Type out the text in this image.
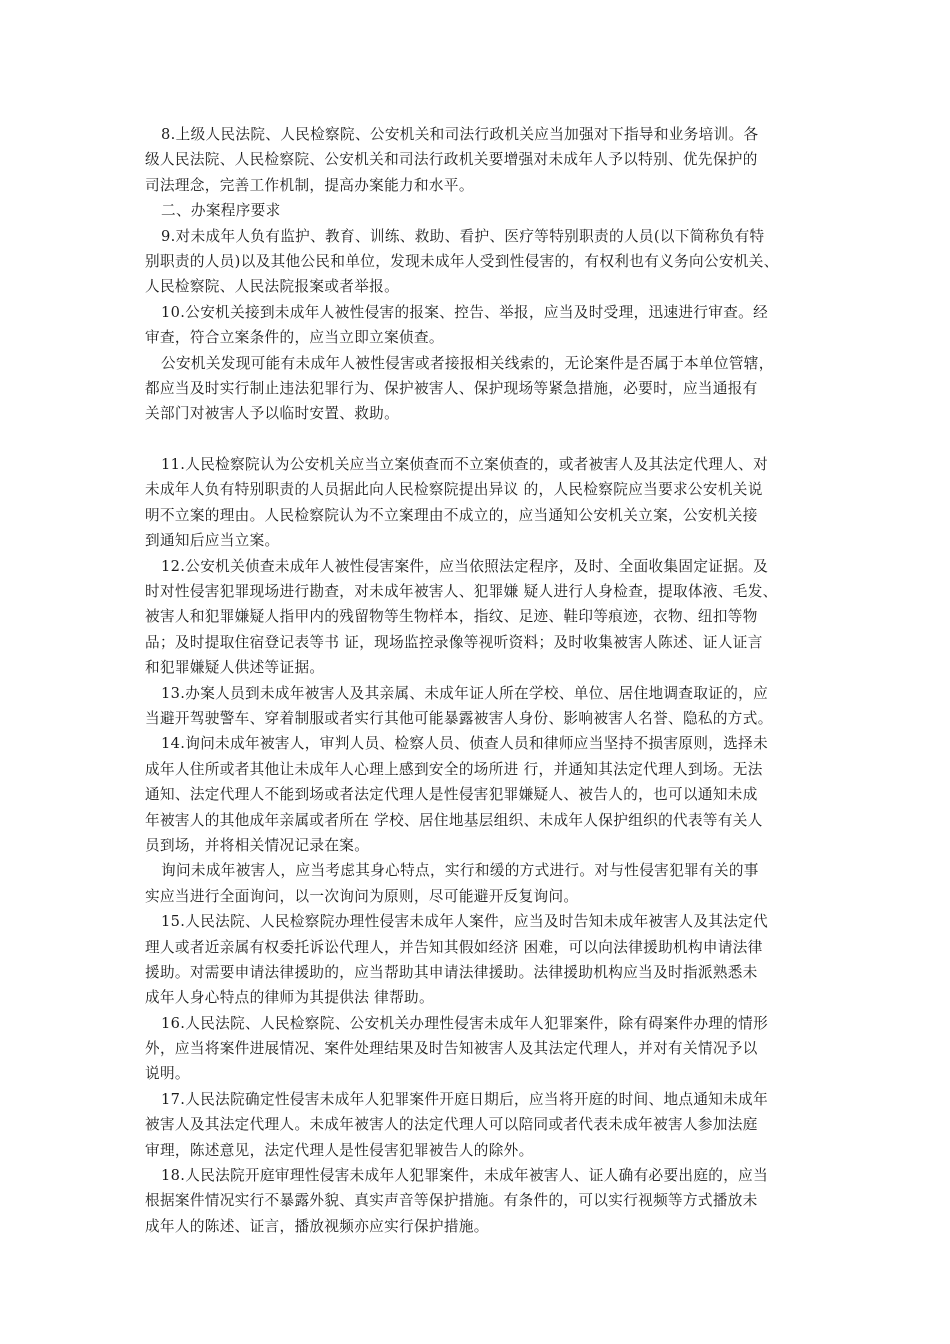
8.上级人民法院、人民检察院、公安机关和司法行政机关应当加强对下指导和业务培训。各
级人民法院、人民检察院、公安机关和司法行政机关要增强对未成年人予以特别、优先保护的
司法理念，完善工作机制，提高办案能力和水平。
二、办案程序要求
9.对未成年人负有监护、教育、训练、救助、看护、医疗等特别职责的人员(以下简称负有特
别职责的人员)以及其他公民和单位，发现未成年人受到性侵害的，有权利也有义务向公安机关、
人民检察院、人民法院报案或者举报。
10.公安机关接到未成年人被性侵害的报案、控告、举报，应当及时受理，迅速进行审查。经
审查，符合立案条件的，应当立即立案侦查。
公安机关发现可能有未成年人被性侵害或者接报相关线索的，无论案件是否属于本单位管辖，
都应当及时实行制止违法犯罪行为、保护被害人、保护现场等紧急措施，必要时，应当通报有
关部门对被害人予以临时安置、救助。
11.人民检察院认为公安机关应当立案侦查而不立案侦查的，或者被害人及其法定代理人、对
未成年人负有特别职责的人员据此向人民检察院提出异议 的，人民检察院应当要求公安机关说
明不立案的理由。人民检察院认为不立案理由不成立的，应当通知公安机关立案，公安机关接
到通知后应当立案。
12.公安机关侦查未成年人被性侵害案件，应当依照法定程序，及时、全面收集固定证据。及
时对性侵害犯罪现场进行勘查，对未成年被害人、犯罪嫌 疑人进行人身检查，提取体液、毛发、
被害人和犯罪嫌疑人指甲内的残留物等生物样本，指纹、足迹、鞋印等痕迹，衣物、纽扣等物
品；及时提取住宿登记表等书 证，现场监控录像等视听资料；及时收集被害人陈述、证人证言
和犯罪嫌疑人供述等证据。
13.办案人员到未成年被害人及其亲属、未成年证人所在学校、单位、居住地调查取证的，应
当避开驾驶警车、穿着制服或者实行其他可能暴露被害人身份、影响被害人名誉、隐私的方式。
14.询问未成年被害人，审判人员、检察人员、侦查人员和律师应当坚持不损害原则，选择未
成年人住所或者其他让未成年人心理上感到安全的场所进 行，并通知其法定代理人到场。无法
通知、法定代理人不能到场或者法定代理人是性侵害犯罪嫌疑人、被告人的，也可以通知未成
年被害人的其他成年亲属或者所在 学校、居住地基层组织、未成年人保护组织的代表等有关人
员到场，并将相关情况记录在案。
询问未成年被害人，应当考虑其身心特点，实行和缓的方式进行。对与性侵害犯罪有关的事
实应当进行全面询问，以一次询问为原则，尽可能避开反复询问。
15.人民法院、人民检察院办理性侵害未成年人案件，应当及时告知未成年被害人及其法定代
理人或者近亲属有权委托诉讼代理人，并告知其假如经济 困难，可以向法律援助机构申请法律
援助。对需要申请法律援助的，应当帮助其申请法律援助。法律援助机构应当及时指派熟悉未
成年人身心特点的律师为其提供法 律帮助。
16.人民法院、人民检察院、公安机关办理性侵害未成年人犯罪案件，除有碍案件办理的情形
外，应当将案件进展情况、案件处理结果及时告知被害人及其法定代理人，并对有关情况予以
说明。
17.人民法院确定性侵害未成年人犯罪案件开庭日期后，应当将开庭的时间、地点通知未成年
被害人及其法定代理人。未成年被害人的法定代理人可以陪同或者代表未成年被害人参加法庭
审理，陈述意见，法定代理人是性侵害犯罪被告人的除外。
18.人民法院开庭审理性侵害未成年人犯罪案件，未成年被害人、证人确有必要出庭的，应当
根据案件情况实行不暴露外貌、真实声音等保护措施。有条件的，可以实行视频等方式播放未
成年人的陈述、证言，播放视频亦应实行保护措施。
